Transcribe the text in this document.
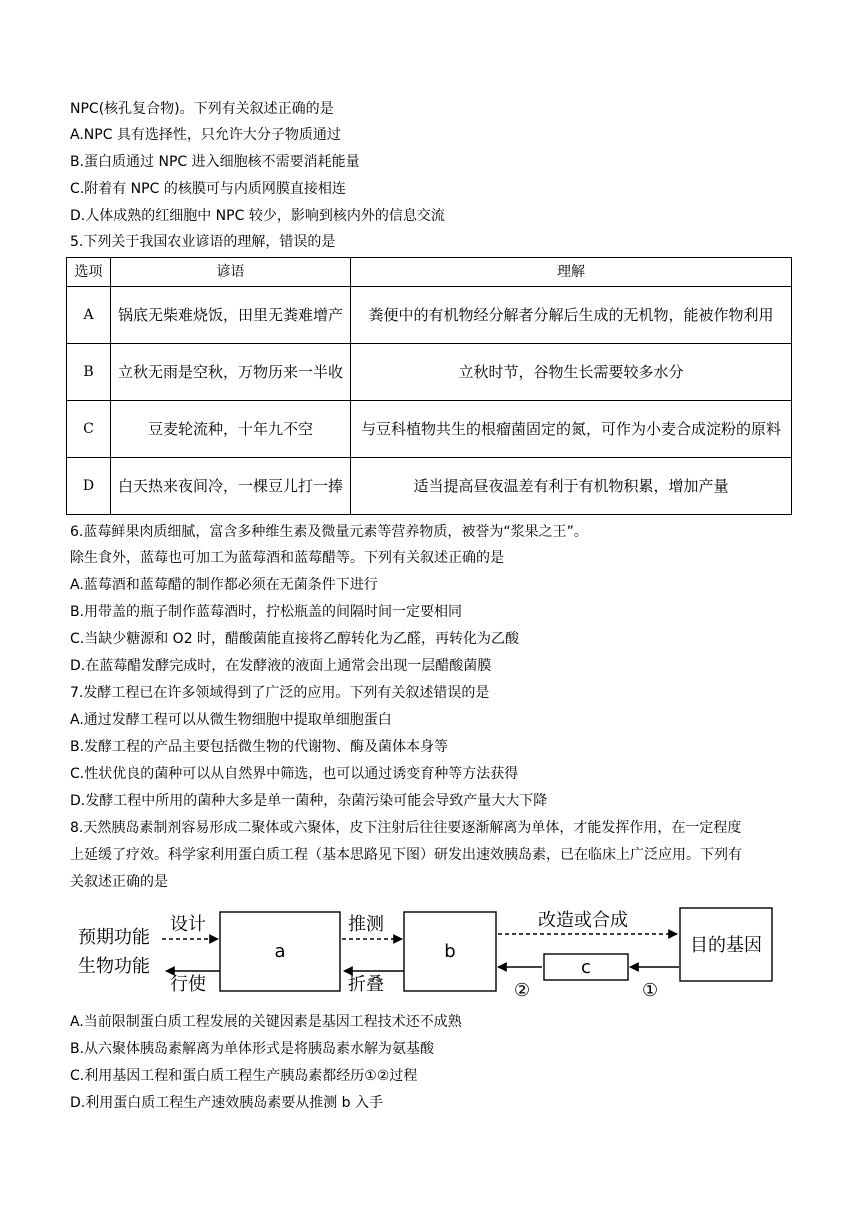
NPC(核孔复合物)。下列有关叙述正确的是
A.NPC 具有选择性，只允许大分子物质通过
B.蛋白质通过 NPC 进入细胞核不需要消耗能量
C.附着有 NPC 的核膜可与内质网膜直接相连
D.人体成熟的红细胞中 NPC 较少，影响到核内外的信息交流
5.下列关于我国农业谚语的理解，错误的是
选项	谚语	理解
A	锅底无柴难烧饭，田里无粪难增产	粪便中的有机物经分解者分解后生成的无机物，能被作物利用
B	立秋无雨是空秋，万物历来一半收	立秋时节，谷物生长需要较多水分
C	豆麦轮流种，十年九不空	与豆科植物共生的根瘤菌固定的氮，可作为小麦合成淀粉的原料
D	白天热来夜间冷，一棵豆儿打一捧	适当提高昼夜温差有利于有机物积累，增加产量
6.蓝莓鲜果肉质细腻，富含多种维生素及微量元素等营养物质，被誉为“浆果之王”。
除生食外，蓝莓也可加工为蓝莓酒和蓝莓醋等。下列有关叙述正确的是
A.蓝莓酒和蓝莓醋的制作都必须在无菌条件下进行
B.用带盖的瓶子制作蓝莓酒时，拧松瓶盖的间隔时间一定要相同
C.当缺少糖源和 O2 时，醋酸菌能直接将乙醇转化为乙醛，再转化为乙酸
D.在蓝莓醋发酵完成时，在发酵液的液面上通常会出现一层醋酸菌膜
7.发酵工程已在许多领域得到了广泛的应用。下列有关叙述错误的是
A.通过发酵工程可以从微生物细胞中提取单细胞蛋白
B.发酵工程的产品主要包括微生物的代谢物、酶及菌体本身等
C.性状优良的菌种可以从自然界中筛选，也可以通过诱变育种等方法获得
D.发酵工程中所用的菌种大多是单一菌种，杂菌污染可能会导致产量大大下降
8.天然胰岛素制剂容易形成二聚体或六聚体，皮下注射后往往要逐渐解离为单体，才能发挥作用，在一定程度
上延缓了疗效。科学家利用蛋白质工程（基本思路见下图）研发出速效胰岛素，已在临床上广泛应用。下列有
关叙述正确的是
预期功能
生物功能
设计
行使
a
推测
折叠
b
改造或合成
c
②	①
目的基因
A.当前限制蛋白质工程发展的关键因素是基因工程技术还不成熟
B.从六聚体胰岛素解离为单体形式是将胰岛素水解为氨基酸
C.利用基因工程和蛋白质工程生产胰岛素都经历①②过程
D.利用蛋白质工程生产速效胰岛素要从推测 b 入手
